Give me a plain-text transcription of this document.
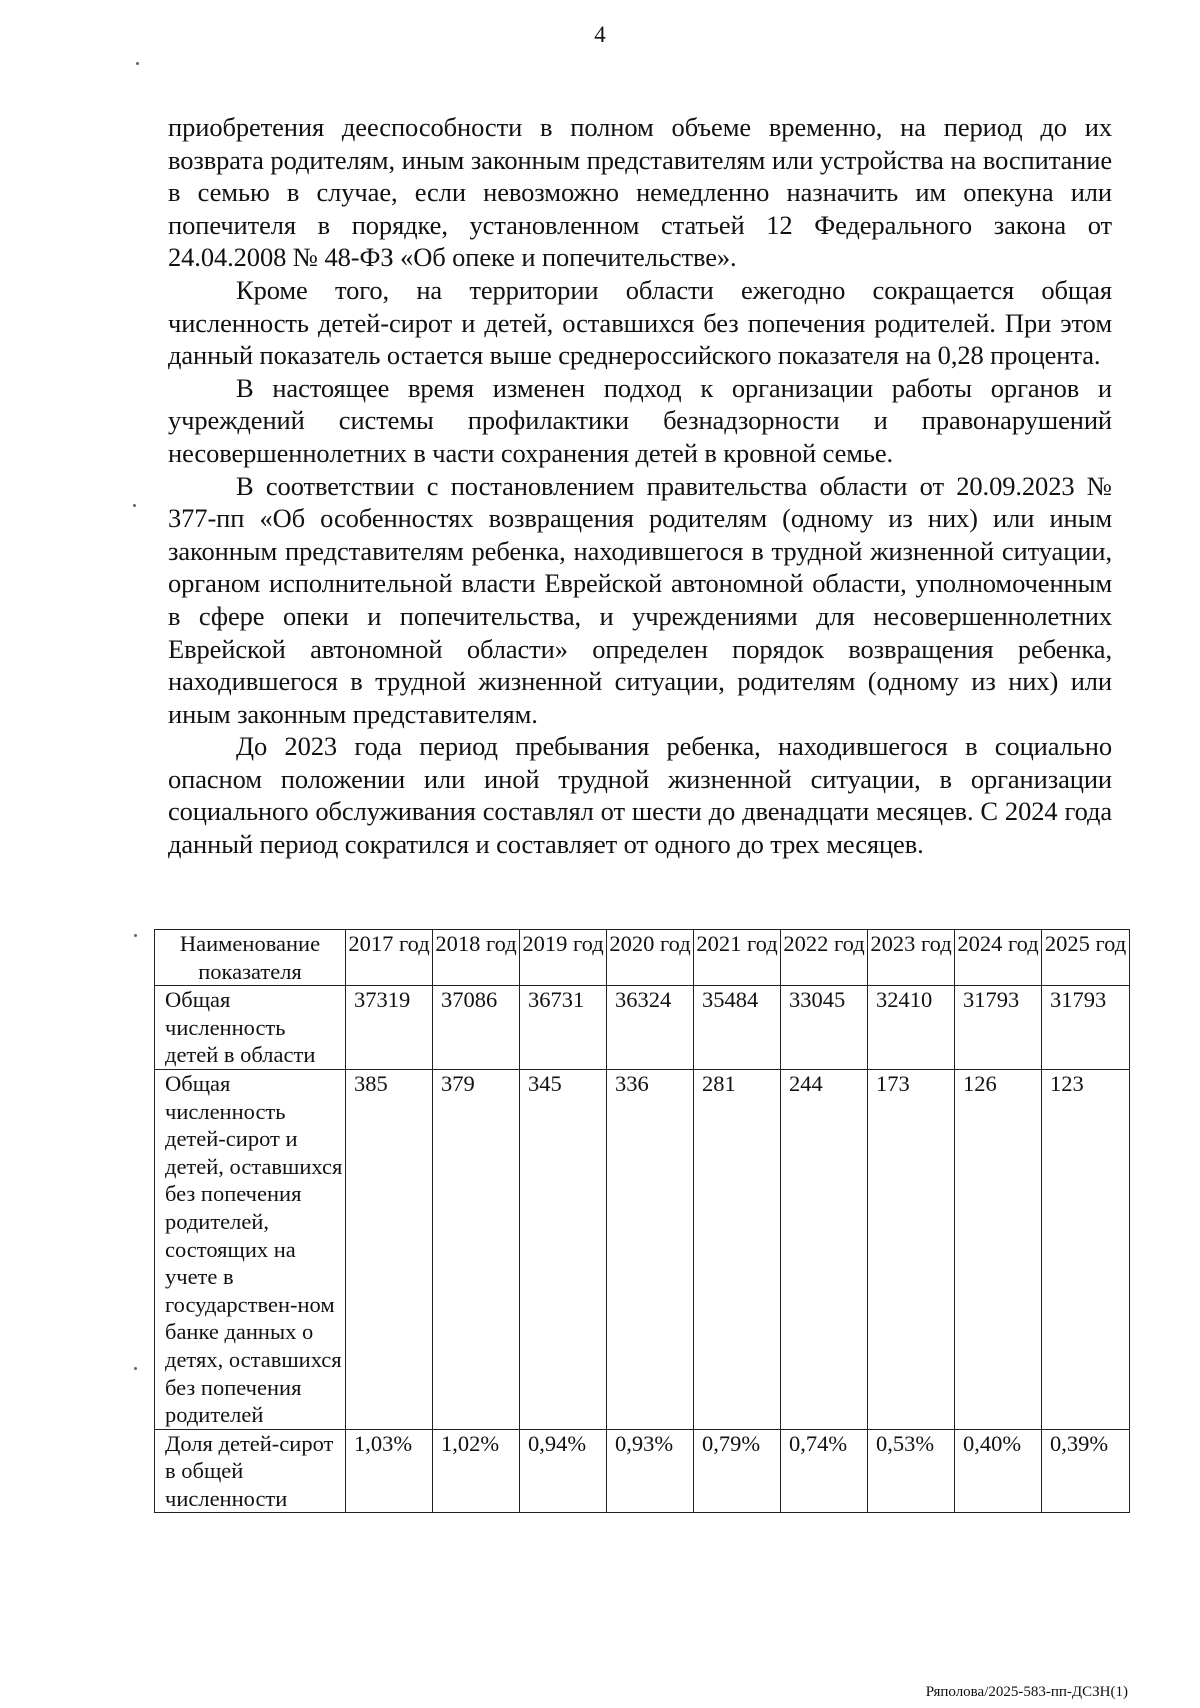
4

приобретения дееспособности в полном объеме временно, на период до их возврата родителям, иным законным представителям или устройства на воспитание в семью в случае, если невозможно немедленно назначить им опекуна или попечителя в порядке, установленном статьей 12 Федерального закона от 24.04.2008 № 48-ФЗ «Об опеке и попечительстве».

Кроме того, на территории области ежегодно сокращается общая численность детей-сирот и детей, оставшихся без попечения родителей. При этом данный показатель остается выше среднероссийского показателя на 0,28 процента.

В настоящее время изменен подход к организации работы органов и учреждений системы профилактики безнадзорности и правонарушений несовершеннолетних в части сохранения детей в кровной семье.

В соответствии с постановлением правительства области от 20.09.2023 № 377-пп «Об особенностях возвращения родителям (одному из них) или иным законным представителям ребенка, находившегося в трудной жизненной ситуации, органом исполнительной власти Еврейской автономной области, уполномоченным в сфере опеки и попечительства, и учреждениями для несовершеннолетних Еврейской автономной области» определен порядок возвращения ребенка, находившегося в трудной жизненной ситуации, родителям (одному из них) или иным законным представителям.

До 2023 года период пребывания ребенка, находившегося в социально опасном положении или иной трудной жизненной ситуации, в организации социального обслуживания составлял от шести до двенадцати месяцев. С 2024 года данный период сократился и составляет от одного до трех месяцев.

Наименование показателя	2017 год	2018 год	2019 год	2020 год	2021 год	2022 год	2023 год	2024 год	2025 год
Общая численность детей в области	37319	37086	36731	36324	35484	33045	32410	31793	31793
Общая численность детей-сирот и детей, оставшихся без попечения родителей, состоящих на учете в государствен-ном банке данных о детях, оставшихся без попечения родителей	385	379	345	336	281	244	173	126	123
Доля детей-сирот в общей численности	1,03%	1,02%	0,94%	0,93%	0,79%	0,74%	0,53%	0,40%	0,39%
Ряполова/2025-583-пп-ДСЗН(1)
